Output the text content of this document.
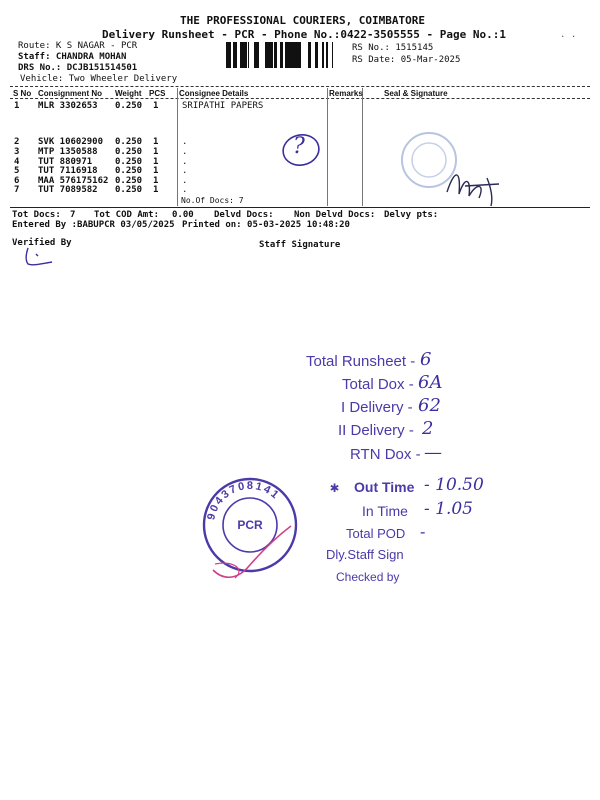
THE PROFESSIONAL COURIERS, COIMBATORE
Delivery Runsheet - PCR - Phone No.:0422-3505555 - Page No.:1
Route: K S NAGAR - PCR
Staff: CHANDRA MOHAN
DRS No.: DCJB151514501
Vehicle: Two Wheeler Delivery
RS No.: 1515145
RS Date: 05-Mar-2025
. .
S No Consignment No Weight PCS Consignee Details	Remarks	Seal & Signature
1 MLR 3302653 0.250 1	SRIPATHI PAPERS
2 SVK 10602900 0.250 1	.
3 MTP 1350588 0.250 1	.
4 TUT 880971	0.250 1	.
5 TUT 7116918 0.250 1	.
6 MAA 576175162 0.250 1	.
7 TUT 7089582 0.250 1	.
No.Of Docs: 7
?
Tot Docs: 7 Tot COD Amt: 0.00 Delvd Docs: Non Delvd Docs: Delvy pts:
Entered By :BABUPCR 03/05/2025 Printed on: 05-03-2025 10:48:20
Verified By	Staff Signature
Total Runsheet - 6
Total Dox - 6A
I Delivery - 62
II Delivery - 2
RTN Dox - —
Out Time - 10.50
In Time - 1.05
Total POD -
Dly.Staff Sign
Checked by
✱
9043708141
PCR
